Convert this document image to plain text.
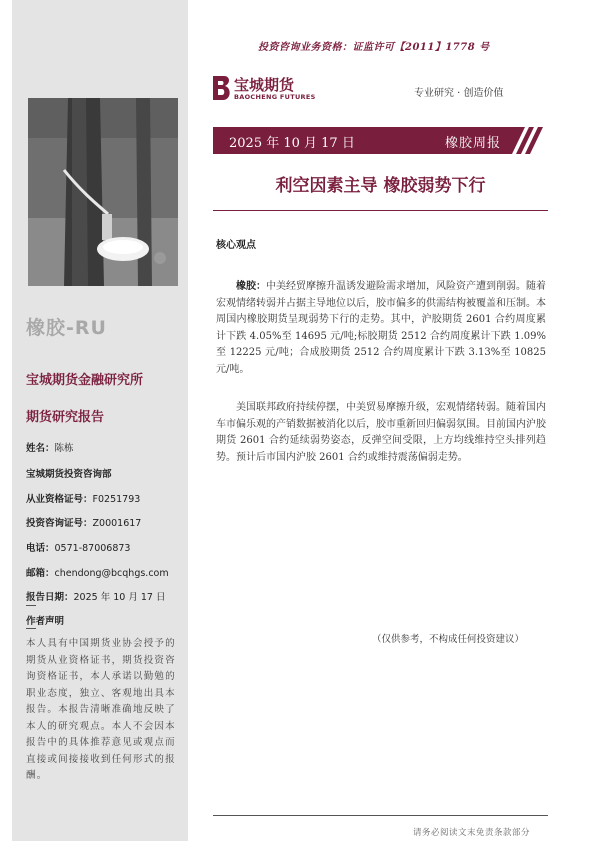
橡胶-RU
宝城期货金融研究所
期货研究报告
姓名：陈栋
宝城期货投资咨询部
从业资格证号：F0251793
投资咨询证号：Z0001617
电话：0571-87006873
邮箱：chendong@bcqhgs.com
报告日期：2025 年 10 月 17 日
作者声明
本人具有中国期货业协会授予的期货从业资格证书，期货投资咨询资格证书，本人承诺以勤勉的职业态度，独立、客观地出具本报告。本报告清晰准确地反映了本人的研究观点。本人不会因本报告中的具体推荐意见或观点而直接或间接接收到任何形式的报酬。
投资咨询业务资格：证监许可【2011】1778 号
宝城期货
BAOCHENG FUTURES	专业研究 · 创造价值
2025 年 10 月 17 日	橡胶周报
利空因素主导 橡胶弱势下行
核心观点
橡胶：中美经贸摩擦升温诱发避险需求增加，风险资产遭到削弱。随着宏观情绪转弱并占据主导地位以后，胶市偏多的供需结构被覆盖和压制。本周国内橡胶期货呈现弱势下行的走势。其中，沪胶期货 2601 合约周度累计下跌 4.05%至 14695 元/吨;标胶期货 2512 合约周度累计下跌 1.09%至 12225 元/吨；合成胶期货 2512 合约周度累计下跌 3.13%至 10825 元/吨。
美国联邦政府持续停摆，中美贸易摩擦升级，宏观情绪转弱。随着国内车市偏乐观的产销数据被消化以后，胶市重新回归偏弱氛围。目前国内沪胶期货 2601 合约延续弱势姿态，反弹空间受限，上方均线维持空头排列趋势。预计后市国内沪胶 2601 合约或维持震荡偏弱走势。
（仅供参考，不构成任何投资建议）
请务必阅读文末免责条款部分
